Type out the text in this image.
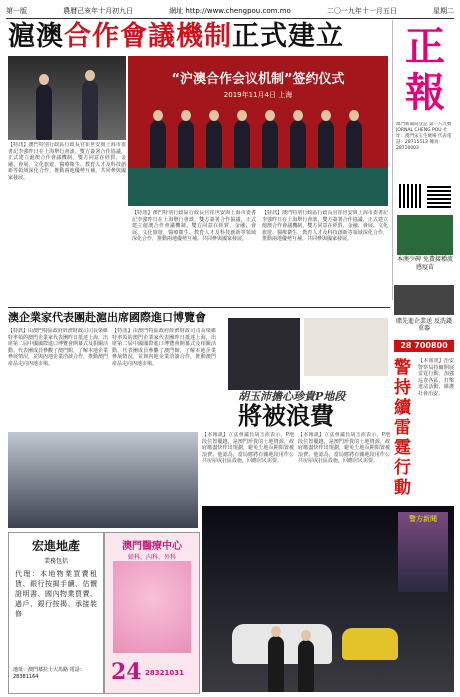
第一版	農曆己亥年十月初九日	網址 http://www.chengpou.com.mo	二〇一九年十一月五日	星期二
滬澳合作會議機制正式建立	正
報
澳門新聞局登記 第一八九號 JORNAL CHENG POU 社址：澳門宋玉生廣場 代表電話：28715513 傳真：28710003
本澳少碑 免費接種流感疫苗
賭先進企業送 反洗錢重器
28 700800
“沪澳合作会议机制”签约仪式
2019年11月4日 上海
【特訊】澳門特別行政區行政長官崔世安與上海市委書記李強昨日在上海舉行會談，雙方簽署合作協議，正式建立滬澳合作會議機制。雙方同意在經貿、金融、會展、文化旅遊、醫療衛生、教育人才及科技創新等領域深化合作，推動兩地優勢互補，共同參與國家發展。
【特訊】澳門特別行政區行政長官崔世安與上海市委書記李強昨日在上海舉行會談，雙方簽署合作協議，正式建立滬澳合作會議機制。雙方同意在經貿、金融、會展、文化旅遊、醫療衛生、教育人才及科技創新等領域深化合作，推動兩地優勢互補，共同參與國家發展。
【特訊】澳門特別行政區行政長官崔世安與上海市委書記李強昨日在上海舉行會談，雙方簽署合作協議，正式建立滬澳合作會議機制。雙方同意在經貿、金融、會展、文化旅遊、醫療衛生、教育人才及科技創新等領域深化合作，推動兩地優勢互補，共同參與國家發展。
澳企業家代表團赴滬出席國際進口博覽會
【特訊】由澳門特區政府經濟財政司司長梁維特率領的澳門企業家代表團昨日抵達上海，出席第二屆中國國際進口博覽會開幕式及相關活動。代表團成員參觀了澳門館，了解本地企業參展情況，並與內地企業洽談合作，推動澳門產品走向內地市場。
【特訊】由澳門特區政府經濟財政司司長梁維特率領的澳門企業家代表團昨日抵達上海，出席第二屆中國國際進口博覽會開幕式及相關活動。代表團成員參觀了澳門館，了解本地企業參展情況，並與內地企業洽談合作，推動澳門產品走向內地市場。
胡玉沛擔心珍貴P地段
將被浪費
【本報訊】立法會議員胡玉沛表示，P地段位置優越，是澳門珍貴的土地資源，政府應盡快作出規劃，避免土地長期閒置被浪費。他認為，當局應將有關地段用作公共房屋或社區設施，回應居民需要。
【本報訊】立法會議員胡玉沛表示，P地段位置優越，是澳門珍貴的土地資源，政府應盡快作出規劃，避免土地長期閒置被浪費。他認為，當局應將有關地段用作公共房屋或社區設施，回應居民需要。
警持續雷霆行動
【本報訊】治安警察局持續開展雷霆行動，加強巡查各區，打擊違法活動，維護社會治安。
警方新聞
宏進地產
業務包括
代理：本地物業買賣租賃、銀行按揭手續、估價證明書、國內物業買賣、過戶、銀行按揭、承接裝修
地址：澳門慕拉士大馬路 電話：28381164
澳門醫療中心
婦科、內科、外科
24 28321031
